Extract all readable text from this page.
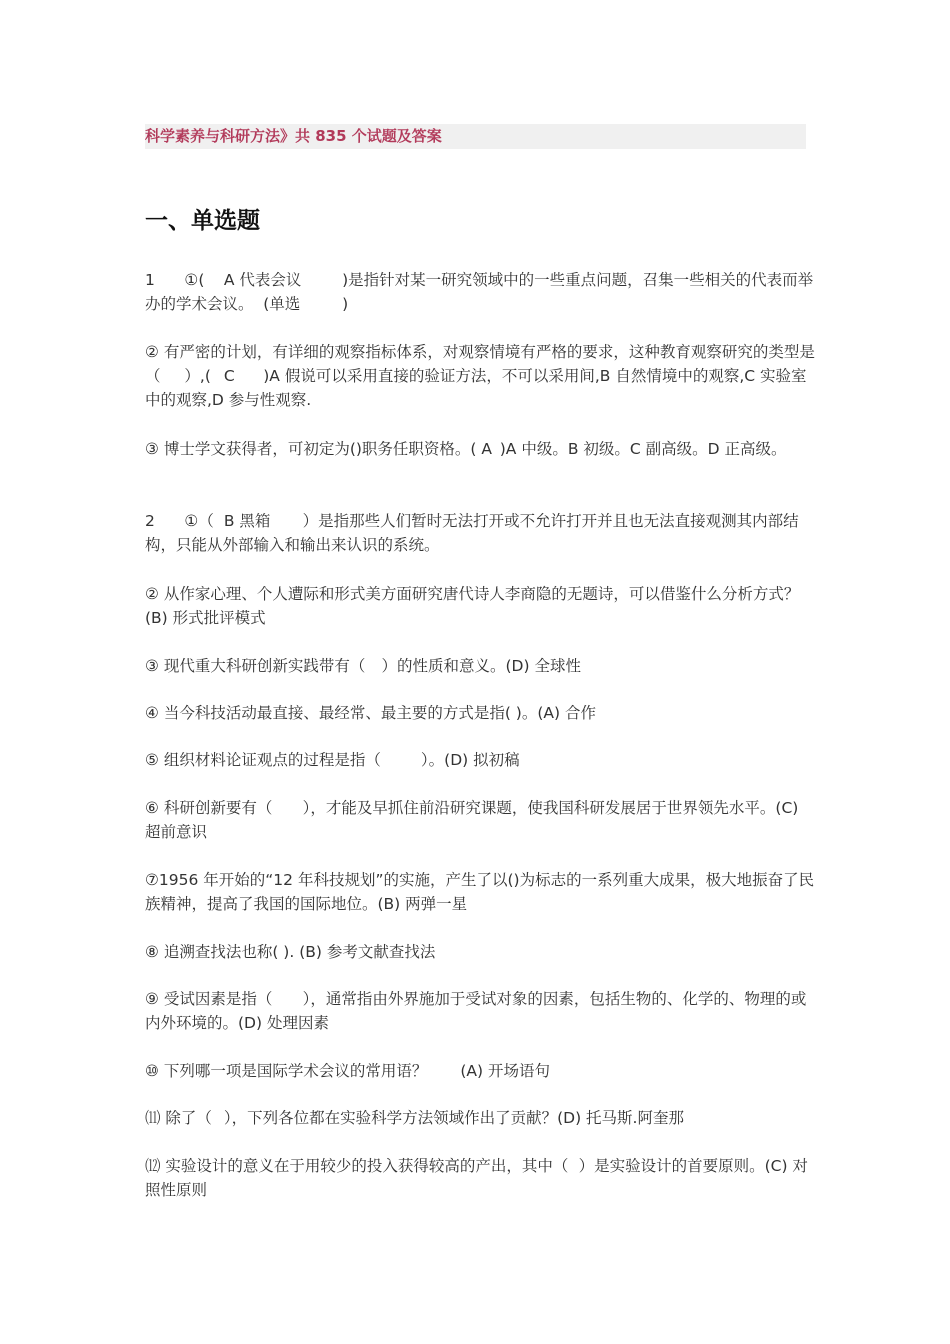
科学素养与科研方法》共 835 个试题及答案
一、单选题
1	①(	A 代表会议	)是指针对某一研究领域中的一些重点问题，召集一些相关的代表而举办的学术会议。	(单选	)
② 有严密的计划，有详细的观察指标体系，对观察情境有严格的要求，这种教育观察研究的类型是（	）,(	C	)A 假说可以采用直接的验证方法，不可以采用间,B 自然情境中的观察,C 实验室中的观察,D 参与性观察.
③ 博士学文获得者，可初定为()职务任职资格。( A	)A 中级。B 初级。C 副高级。D 正高级。
2	①（	B 黑箱	）是指那些人们暂时无法打开或不允许打开并且也无法直接观测其内部结构，只能从外部输入和输出来认识的系统。
② 从作家心理、个人遭际和形式美方面研究唐代诗人李商隐的无题诗，可以借鉴什么分析方式？(B) 形式批评模式
③ 现代重大科研创新实践带有（	）的性质和意义。(D) 全球性
④ 当今科技活动最直接、最经常、最主要的方式是指( )。(A) 合作
⑤ 组织材料论证观点的过程是指（	）。(D) 拟初稿
⑥ 科研创新要有（	），才能及早抓住前沿研究课题，使我国科研发展居于世界领先水平。(C) 超前意识
⑦1956 年开始的“12 年科技规划”的实施，产生了以()为标志的一系列重大成果，极大地振奋了民族精神，提高了我国的国际地位。(B) 两弹一星
⑧ 追溯查找法也称( ). (B) 参考文献查找法
⑨ 受试因素是指（	），通常指由外界施加于受试对象的因素，包括生物的、化学的、物理的或内外环境的。(D) 处理因素
⑩ 下列哪一项是国际学术会议的常用语？	(A) 开场语句
⑾ 除了（	），下列各位都在实验科学方法领域作出了贡献？(D) 托马斯.阿奎那
⑿ 实验设计的意义在于用较少的投入获得较高的产出，其中（	）是实验设计的首要原则。(C) 对照性原则
